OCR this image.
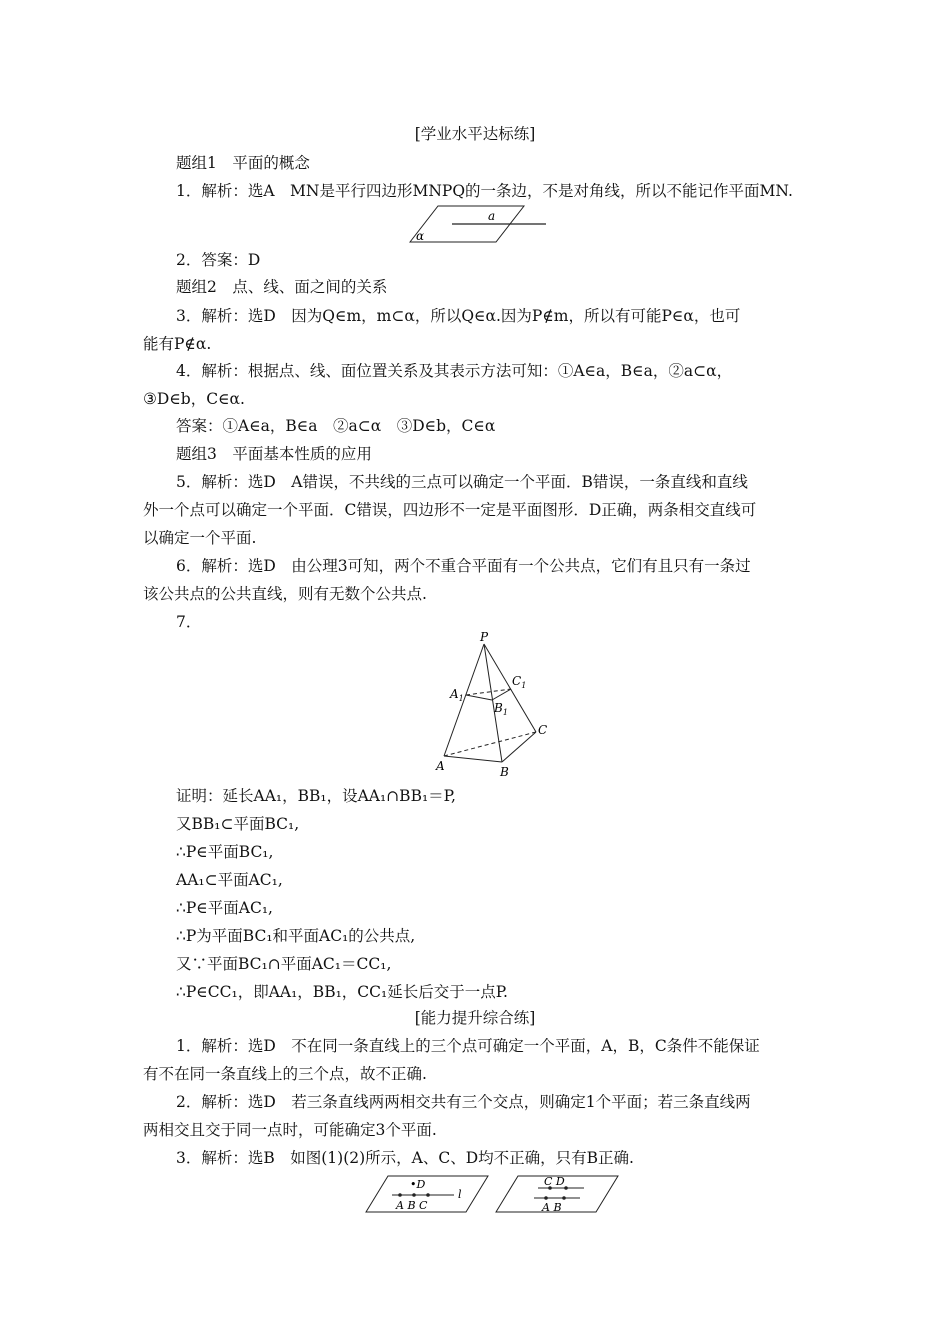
[学业水平达标练]
题组1　平面的概念
1．解析：选A　MN是平行四边形MNPQ的一条边，不是对角线，所以不能记作平面MN.
a
α
2．答案：D
题组2　点、线、面之间的关系
3．解析：选D　因为Q∈m，m⊂α，所以Q∈α.因为P∉m，所以有可能P∈α，也可
能有P∉α.
4．解析：根据点、线、面位置关系及其表示方法可知：①A∈a，B∈a，②a⊂α，
③D∈b，C∈α.
答案：①A∈a，B∈a　②a⊂α　③D∈b，C∈α
题组3　平面基本性质的应用
5．解析：选D　A错误，不共线的三点可以确定一个平面．B错误，一条直线和直线
外一个点可以确定一个平面．C错误，四边形不一定是平面图形．D正确，两条相交直线可
以确定一个平面.
6．解析：选D　由公理3可知，两个不重合平面有一个公共点，它们有且只有一条过
该公共点的公共直线，则有无数个公共点.
7．
P
$A_1$
$B_1$
$C_1$
A	B
C
证明：延长AA₁，BB₁，设AA₁∩BB₁＝P,
又BB₁⊂平面BC₁,
∴P∈平面BC₁,
AA₁⊂平面AC₁,
∴P∈平面AC₁,
∴P为平面BC₁和平面AC₁的公共点,
又∵平面BC₁∩平面AC₁＝CC₁,
∴P∈CC₁，即AA₁，BB₁，CC₁延长后交于一点P.
[能力提升综合练]
1．解析：选D　不在同一条直线上的三个点可确定一个平面，A，B，C条件不能保证
有不在同一条直线上的三个点，故不正确.
2．解析：选D　若三条直线两两相交共有三个交点，则确定1个平面；若三条直线两
两相交且交于同一点时，可能确定3个平面.
3．解析：选B　如图(1)(2)所示，A、C、D均不正确，只有B正确.
•D
l
A B C
C D
A B
